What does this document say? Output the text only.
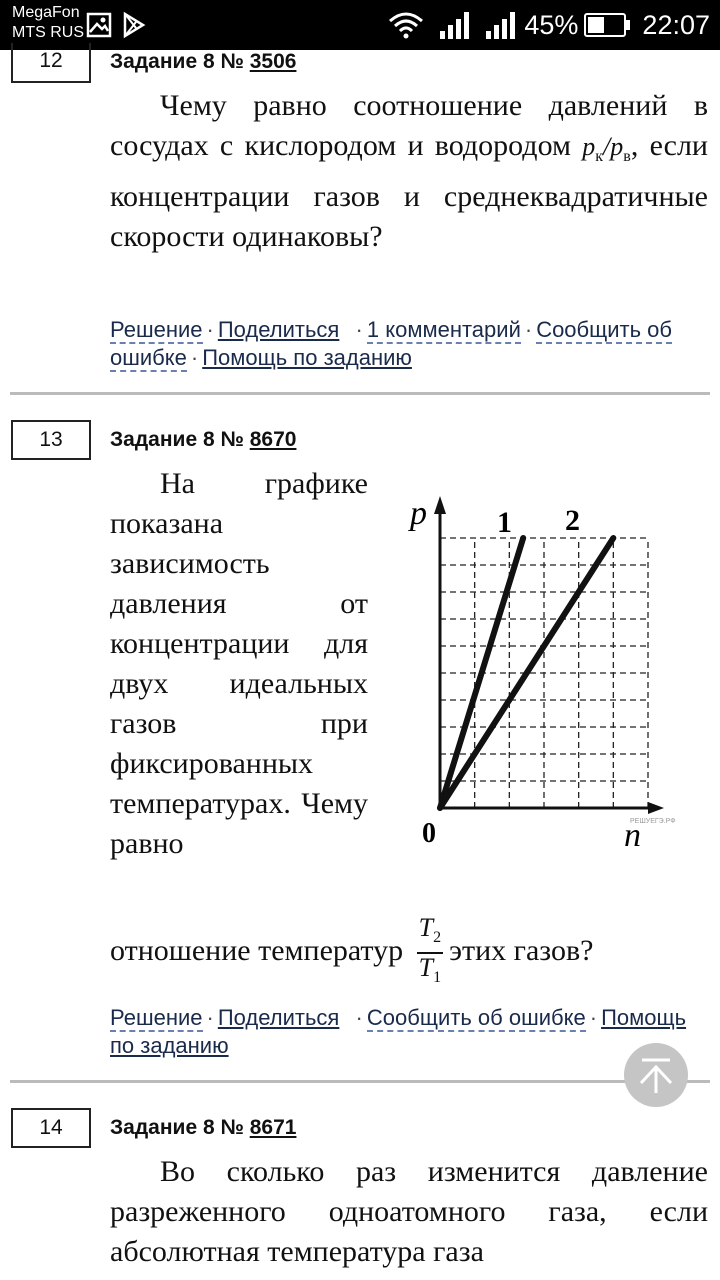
MegaFon
MTS RUS	45% 22:07
12	Задание 8 № 3506
Чему равно соотношение давлений в сосудах с кислородом и водородом $p_к/p_в$, если концентрации газов и среднеквадратичные скорости одинаковы?
Решение · Поделиться  · 1 комментарий · Сообщить об ошибке · Помощь по заданию
13	Задание 8 № 8670
На графике показана зависимость давления от концентрации для двух идеальных газов при фиксированных температурах. Чему равно
p
n
0
1 2
РЕШУЕГЭ.РФ
отношение температур $\frac{T_2}{T_1}$ этих газов?
Решение · Поделиться  · Сообщить об ошибке · Помощь по заданию
14	Задание 8 № 8671
Во сколько раз изменится давление разреженного одноатомного газа, если абсолютная температура газа
